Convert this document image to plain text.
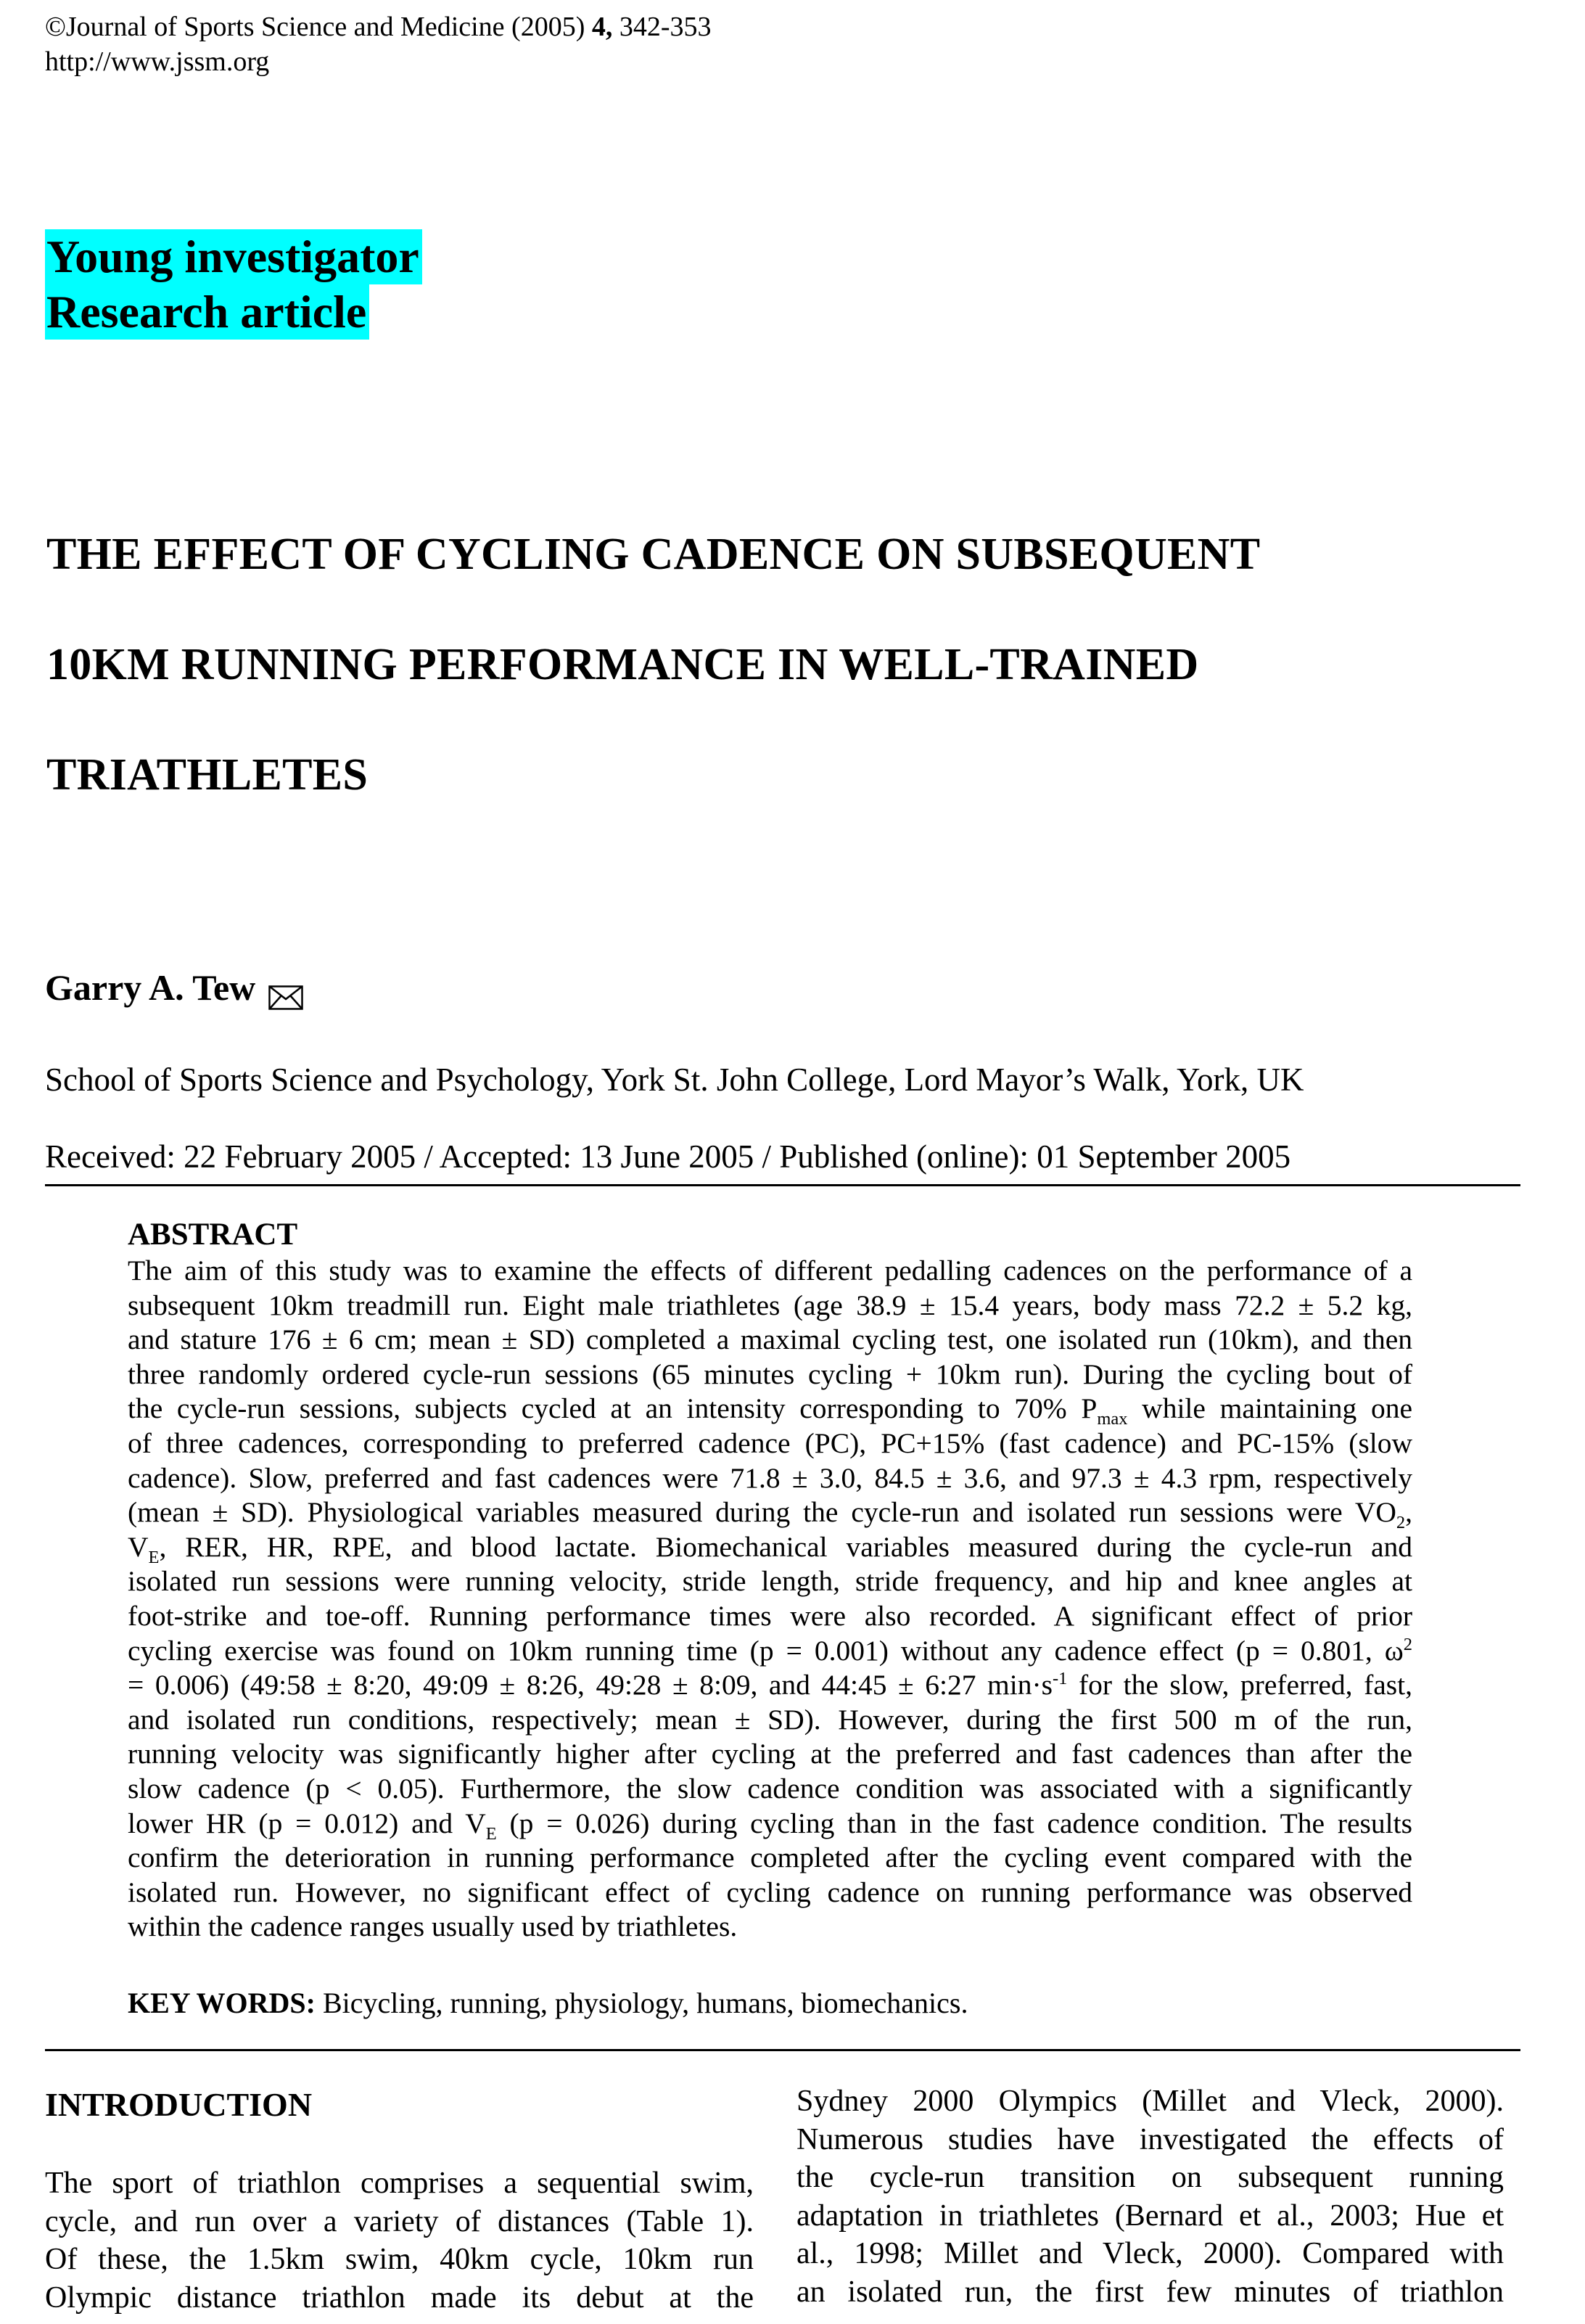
©Journal of Sports Science and Medicine (2005) 4, 342-353
http://www.jssm.org
Young investigator
Research article
THE EFFECT OF CYCLING CADENCE ON SUBSEQUENT
10KM RUNNING PERFORMANCE IN WELL-TRAINED
TRIATHLETES
Garry A. Tew
School of Sports Science and Psychology, York St. John College, Lord Mayor’s Walk, York, UK
Received: 22 February 2005 / Accepted: 13 June 2005 / Published (online): 01 September 2005
ABSTRACT
The aim of this study was to examine the effects of different pedalling cadences on the performance of a
subsequent 10km treadmill run. Eight male triathletes (age 38.9 ± 15.4 years, body mass 72.2 ± 5.2 kg,
and stature 176 ± 6 cm; mean ± SD) completed a maximal cycling test, one isolated run (10km), and then
three randomly ordered cycle-run sessions (65 minutes cycling + 10km run). During the cycling bout of
the cycle-run sessions, subjects cycled at an intensity corresponding to 70% $P_{max}$ while maintaining one
of three cadences, corresponding to preferred cadence (PC), PC+15% (fast cadence) and PC-15% (slow
cadence). Slow, preferred and fast cadences were 71.8 ± 3.0, 84.5 ± 3.6, and 97.3 ± 4.3 rpm, respectively
(mean ± SD). Physiological variables measured during the cycle-run and isolated run sessions were $VO_2$,
$V_E$, RER, HR, RPE, and blood lactate. Biomechanical variables measured during the cycle-run and
isolated run sessions were running velocity, stride length, stride frequency, and hip and knee angles at
foot-strike and toe-off. Running performance times were also recorded. A significant effect of prior
cycling exercise was found on 10km running time (p = 0.001) without any cadence effect (p = 0.801, $\omega^2$
= 0.006) (49:58 ± 8:20, 49:09 ± 8:26, 49:28 ± 8:09, and 44:45 ± 6:27 $\min\cdot s^{-1}$ for the slow, preferred, fast,
and isolated run conditions, respectively; mean ± SD). However, during the first 500 m of the run,
running velocity was significantly higher after cycling at the preferred and fast cadences than after the
slow cadence (p < 0.05). Furthermore, the slow cadence condition was associated with a significantly
lower HR (p = 0.012) and $V_E$ (p = 0.026) during cycling than in the fast cadence condition. The results
confirm the deterioration in running performance completed after the cycling event compared with the
isolated run. However, no significant effect of cycling cadence on running performance was observed
within the cadence ranges usually used by triathletes.
KEY WORDS: Bicycling, running, physiology, humans, biomechanics.
INTRODUCTION
The sport of triathlon comprises a sequential swim,
cycle, and run over a variety of distances (Table 1).
Of these, the 1.5km swim, 40km cycle, 10km run
Olympic distance triathlon made its debut at the
Sydney 2000 Olympics (Millet and Vleck, 2000).
Numerous studies have investigated the effects of
the cycle-run transition on subsequent running
adaptation in triathletes (Bernard et al., 2003; Hue et
al., 1998; Millet and Vleck, 2000). Compared with
an isolated run, the first few minutes of triathlon
